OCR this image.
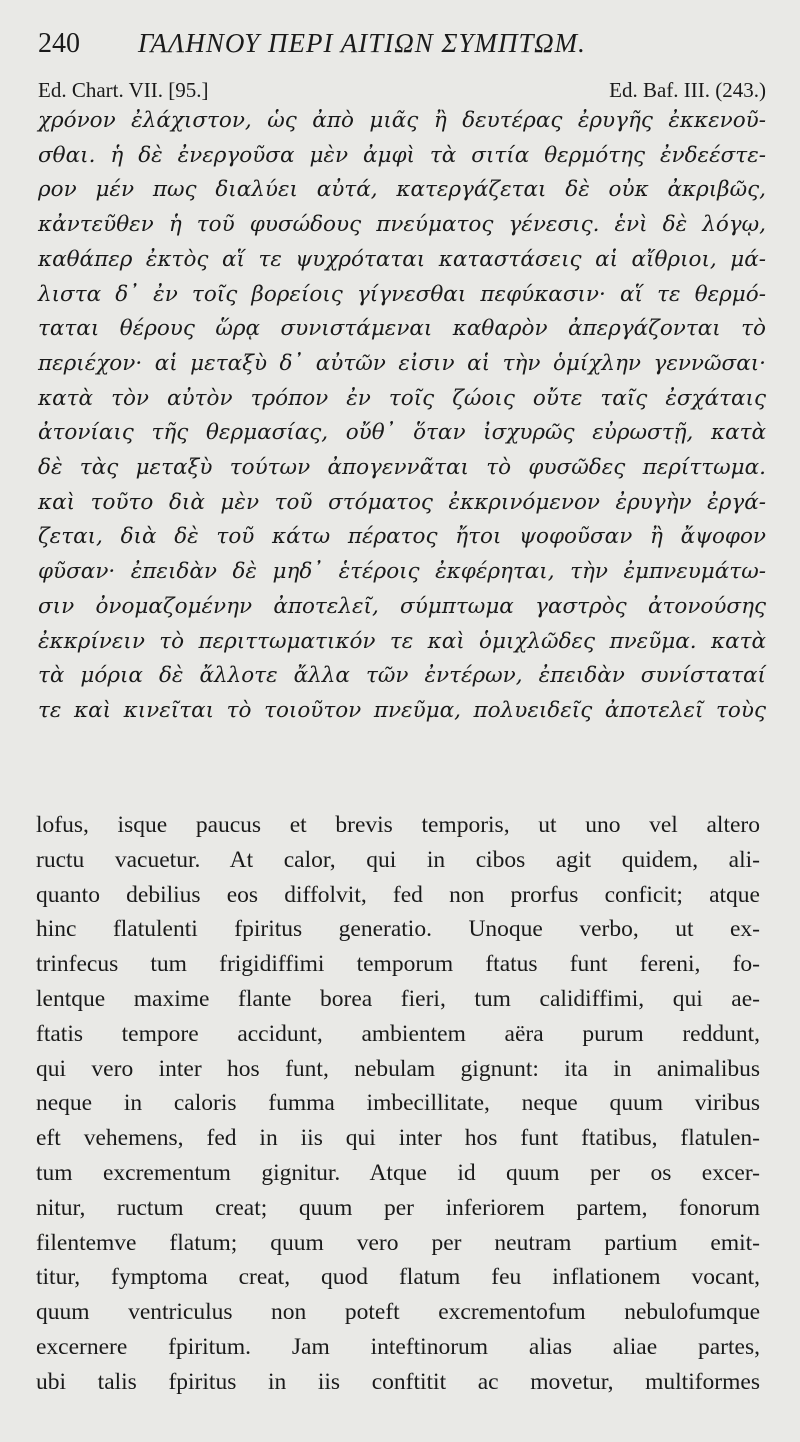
240	ΓΑΛΗΝΟΥ ΠΕΡΙ ΑΙΤΙΩΝ ΣΥΜΠΤΩΜ.
Ed. Chart. VII. [95.]	Ed. Baf. III. (243.)
χρόνον ἐλάχιστον, ὡς ἀπὸ μιᾶς ἢ δευτέρας ἐρυγῆς ἐκκενοῦ-
σθαι. ἡ δὲ ἐνεργοῦσα μὲν ἀμφὶ τὰ σιτία θερμότης ἐνδεέστε-
ρον μέν πως διαλύει αὐτά, κατεργάζεται δὲ οὐκ ἀκριβῶς,
κἀντεῦθεν ἡ τοῦ φυσώδους πνεύματος γένεσις. ἑνὶ δὲ λόγῳ,
καθάπερ ἐκτὸς αἵ τε ψυχρόταται καταστάσεις αἱ αἴθριοι, μά-
λιστα δ᾽ ἐν τοῖς βορείοις γίγνεσθαι πεφύκασιν· αἵ τε θερμό-
ταται θέρους ὥρᾳ συνιστάμεναι καθαρὸν ἀπεργάζονται τὸ
περιέχον· αἱ μεταξὺ δ᾽ αὐτῶν εἰσιν αἱ τὴν ὁμίχλην γεννῶσαι·
κατὰ τὸν αὐτὸν τρόπον ἐν τοῖς ζώοις οὔτε ταῖς ἐσχάταις
ἀτονίαις τῆς θερμασίας, οὔθ᾽ ὅταν ἰσχυρῶς εὐρωστῇ, κατὰ
δὲ τὰς μεταξὺ τούτων ἀπογεννᾶται τὸ φυσῶδες περίττωμα.
καὶ τοῦτο διὰ μὲν τοῦ στόματος ἐκκρινόμενον ἐρυγὴν ἐργά-
ζεται, διὰ δὲ τοῦ κάτω πέρατος ἤτοι ψοφοῦσαν ἢ ἄψοφον
φῦσαν· ἐπειδὰν δὲ μηδ᾽ ἑτέροις ἐκφέρηται, τὴν ἐμπνευμάτω-
σιν ὀνομαζομένην ἀποτελεῖ, σύμπτωμα γαστρὸς ἀτονούσης
ἐκκρίνειν τὸ περιττωματικόν τε καὶ ὁμιχλῶδες πνεῦμα. κατὰ
τὰ μόρια δὲ ἄλλοτε ἄλλα τῶν ἐντέρων, ἐπειδὰν συνίσταταί
τε καὶ κινεῖται τὸ τοιοῦτον πνεῦμα, πολυειδεῖς ἀποτελεῖ τοὺς
lofus, isque paucus et brevis temporis, ut uno vel altero
ructu vacuetur. At calor, qui in cibos agit quidem, ali-
quanto debilius eos diffolvit, fed non prorfus conficit; atque
hinc flatulenti fpiritus generatio. Unoque verbo, ut ex-
trinfecus tum frigidiffimi temporum ftatus funt fereni, fo-
lentque maxime flante borea fieri, tum calidiffimi, qui ae-
ftatis tempore accidunt, ambientem aëra purum reddunt,
qui vero inter hos funt, nebulam gignunt: ita in animalibus
neque in caloris fumma imbecillitate, neque quum viribus
eft vehemens, fed in iis qui inter hos funt ftatibus, flatulen-
tum excrementum gignitur. Atque id quum per os excer-
nitur, ructum creat; quum per inferiorem partem, fonorum
filentemve flatum; quum vero per neutram partium emit-
titur, fymptoma creat, quod flatum feu inflationem vocant,
quum ventriculus non poteft excrementofum nebulofumque
excernere fpiritum. Jam inteftinorum alias aliae partes,
ubi talis fpiritus in iis conftitit ac movetur, multiformes
